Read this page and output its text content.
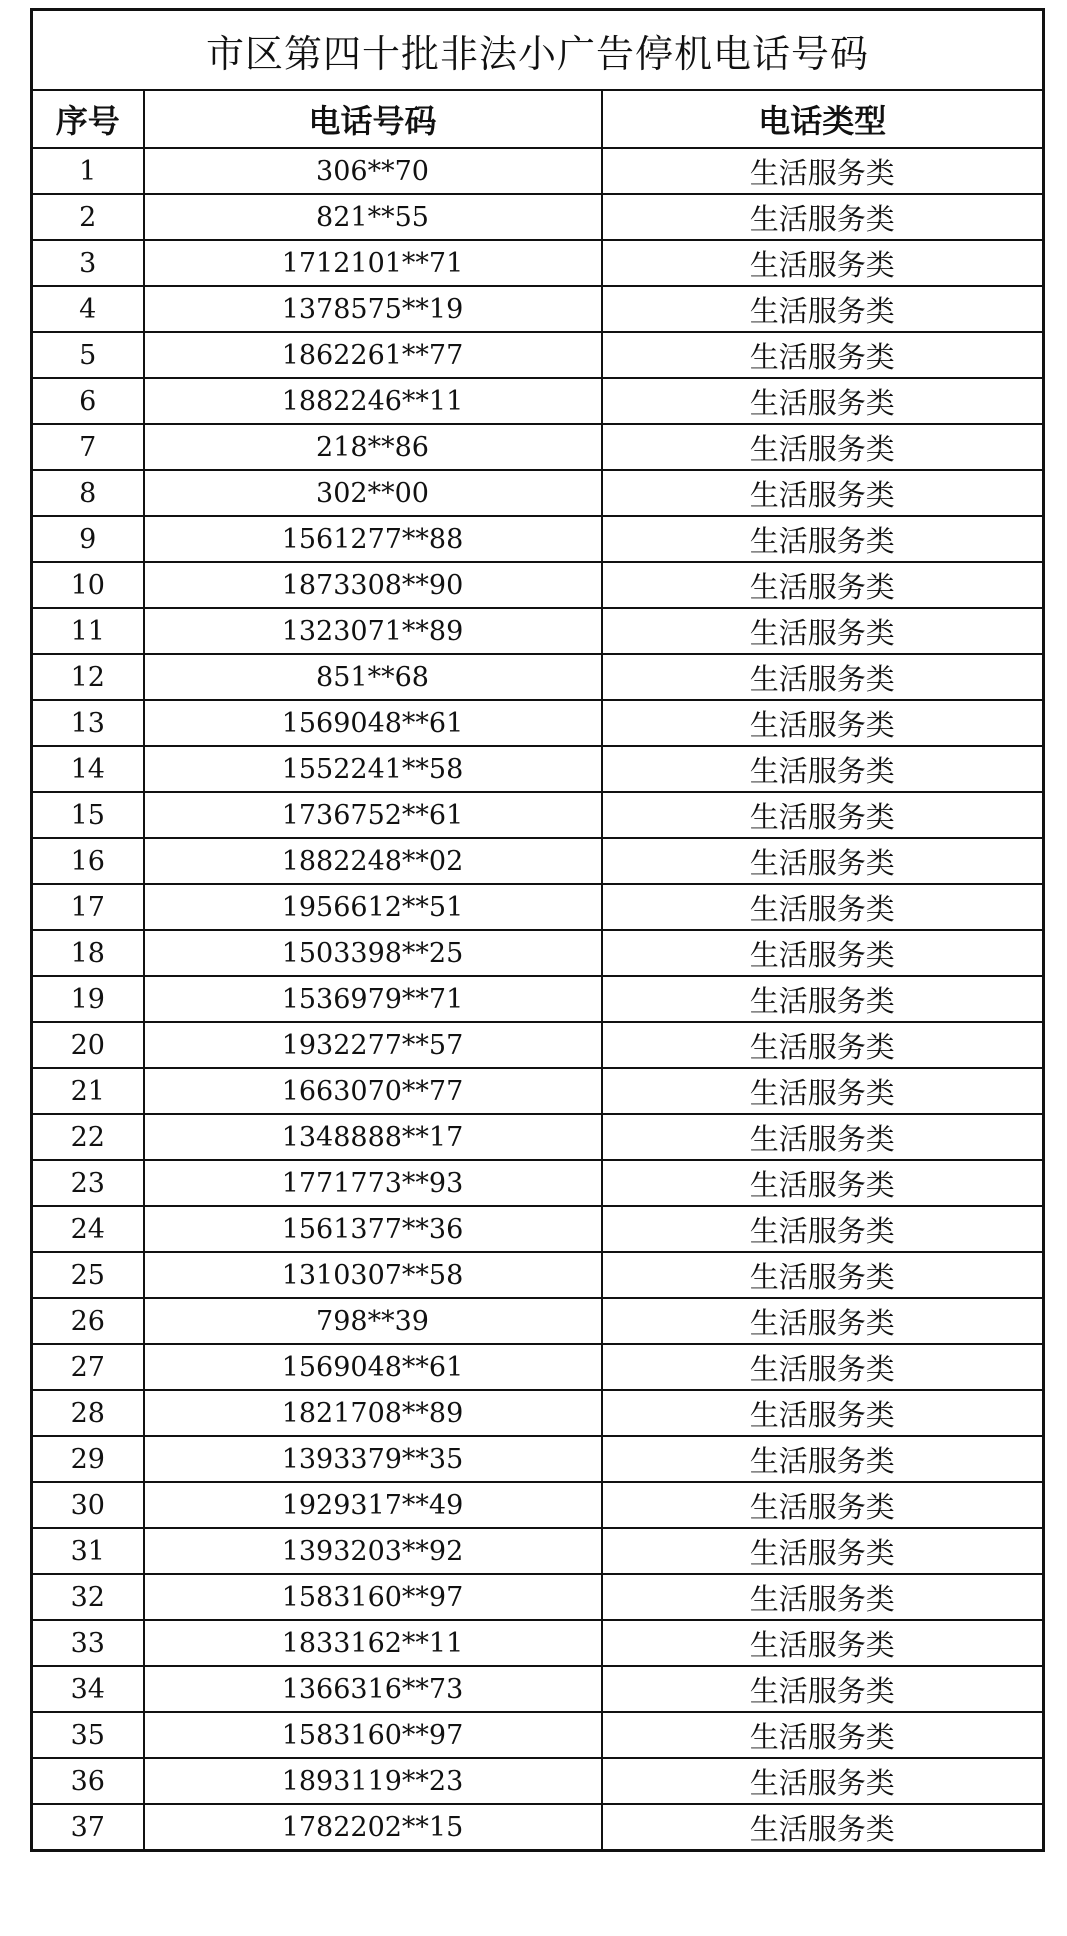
市区第四十批非法小广告停机电话号码		
序号	电话号码	电话类型
1	306**70	生活服务类
2	821**55	生活服务类
3	1712101**71	生活服务类
4	1378575**19	生活服务类
5	1862261**77	生活服务类
6	1882246**11	生活服务类
7	218**86	生活服务类
8	302**00	生活服务类
9	1561277**88	生活服务类
10	1873308**90	生活服务类
11	1323071**89	生活服务类
12	851**68	生活服务类
13	1569048**61	生活服务类
14	1552241**58	生活服务类
15	1736752**61	生活服务类
16	1882248**02	生活服务类
17	1956612**51	生活服务类
18	1503398**25	生活服务类
19	1536979**71	生活服务类
20	1932277**57	生活服务类
21	1663070**77	生活服务类
22	1348888**17	生活服务类
23	1771773**93	生活服务类
24	1561377**36	生活服务类
25	1310307**58	生活服务类
26	798**39	生活服务类
27	1569048**61	生活服务类
28	1821708**89	生活服务类
29	1393379**35	生活服务类
30	1929317**49	生活服务类
31	1393203**92	生活服务类
32	1583160**97	生活服务类
33	1833162**11	生活服务类
34	1366316**73	生活服务类
35	1583160**97	生活服务类
36	1893119**23	生活服务类
37	1782202**15	生活服务类
